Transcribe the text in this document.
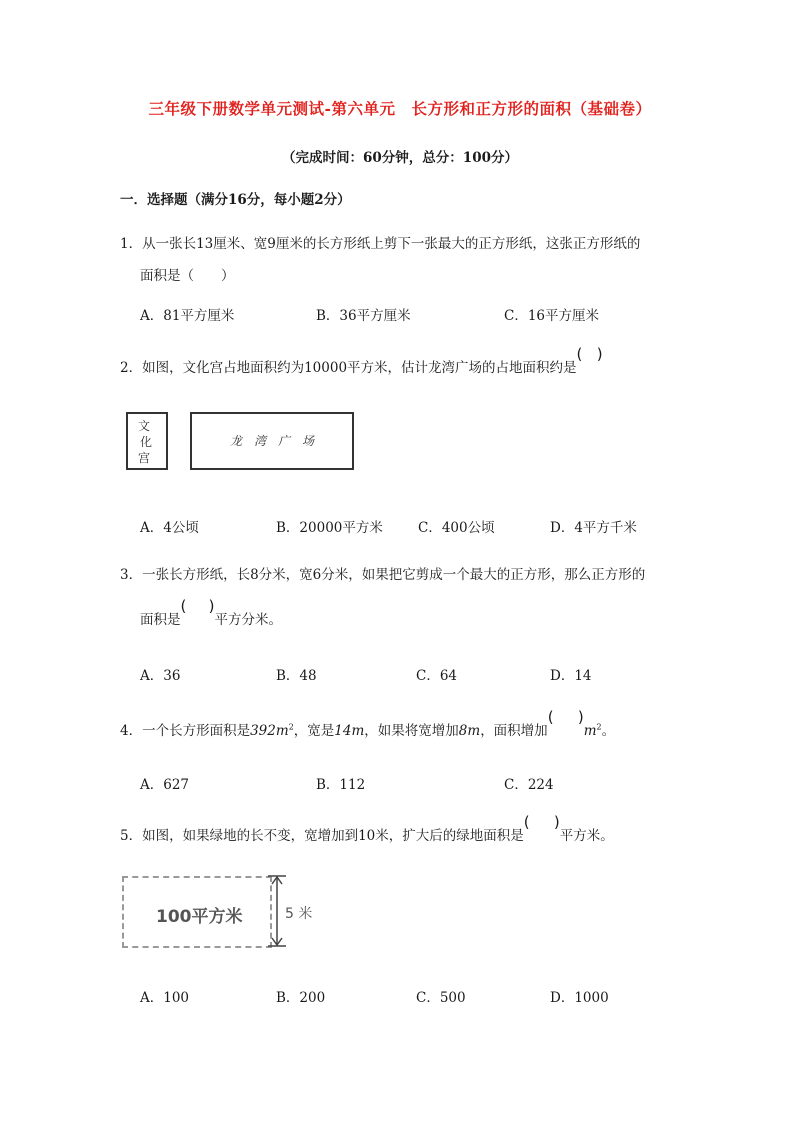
三年级下册数学单元测试-第六单元　长方形和正方形的面积（基础卷）
（完成时间：60分钟，总分：100分）
一．选择题（满分16分，每小题2分）
1．从一张长13厘米、宽9厘米的长方形纸上剪下一张最大的正方形纸，这张正方形纸的
面积是（　　）
A．81平方厘米	B．36平方厘米	C．16平方厘米
2．如图，文化宫占地面积约为10000平方米，估计龙湾广场的占地面积约是( )
文
化
宫
龙　湾　广　场
A．4公顷	B．20000平方米	C．400公顷	D．4平方千米
3．一张长方形纸，长8分米，宽6分米，如果把它剪成一个最大的正方形，那么正方形的
面积是 ( )	平方分米。
A．36	B．48	C．64	D．14
4．一个长方形面积是$392m^2$，宽是14m，如果将宽增加8m，面积增加 ( )	$m^2$。
A．627	B．112	C．224
5．如图，如果绿地的长不变，宽增加到10米，扩大后的绿地面积是 ( )	平方米。
100平方米	5 米
A．100	B．200	C．500	D．1000
